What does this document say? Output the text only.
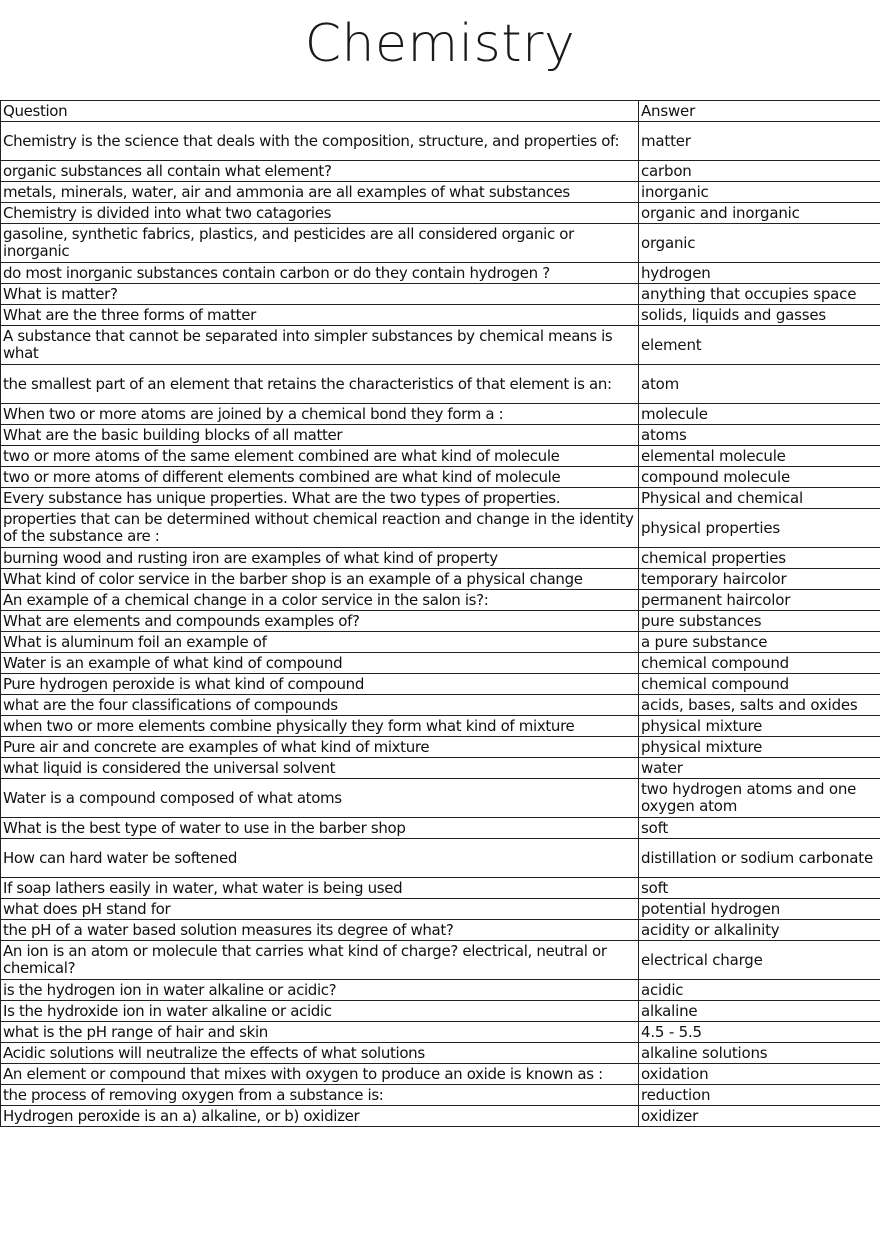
Chemistry
Question	Answer
Chemistry is the science that deals with the composition, structure, and properties of:	matter
organic substances all contain what element?	carbon
metals, minerals, water, air and ammonia are all examples of what substances	inorganic
Chemistry is divided into what two catagories	organic and inorganic
gasoline, synthetic fabrics, plastics, and pesticides are all considered organic or inorganic	organic
do most inorganic substances contain carbon or do they contain hydrogen ?	hydrogen
What is matter?	anything that occupies space
What are the three forms of matter	solids, liquids and gasses
A substance that cannot be separated into simpler substances by chemical means is what	element
the smallest part of an element that retains the characteristics of that element is an:	atom
When two or more atoms are joined by a chemical bond they form a :	molecule
What are the basic building blocks of all matter	atoms
two or more atoms of the same element combined are what kind of molecule	elemental molecule
two or more atoms of different elements combined are what kind of molecule	compound molecule
Every substance has unique properties. What are the two types of properties.	Physical and chemical
properties that can be determined without chemical reaction and change in the identity of the substance are :	physical properties
burning wood and rusting iron are examples of what kind of property	chemical properties
What kind of color service in the barber shop is an example of a physical change	temporary haircolor
An example of a chemical change in a color service in the salon is?:	permanent haircolor
What are elements and compounds examples of?	pure substances
What is aluminum foil an example of	a pure substance
Water is an example of what kind of compound	chemical compound
Pure hydrogen peroxide is what kind of compound	chemical compound
what are the four classifications of compounds	acids, bases, salts and oxides
when two or more elements combine physically they form what kind of mixture	physical mixture
Pure air and concrete are examples of what kind of mixture	physical mixture
what liquid is considered the universal solvent	water
Water is a compound composed of what atoms	two hydrogen atoms and one oxygen atom
What is the best type of water to use in the barber shop	soft
How can hard water be softened	distillation or sodium carbonate
If soap lathers easily in water, what water is being used	soft
what does pH stand for	potential hydrogen
the pH of a water based solution measures its degree of what?	acidity or alkalinity
An ion is an atom or molecule that carries what kind of charge? electrical, neutral or chemical?	electrical charge
is the hydrogen ion in water alkaline or acidic?	acidic
Is the hydroxide ion in water alkaline or acidic	alkaline
what is the pH range of hair and skin	4.5 - 5.5
Acidic solutions will neutralize the effects of what solutions	alkaline solutions
An element or compound that mixes with oxygen to produce an oxide is known as :	oxidation
the process of removing oxygen from a substance is:	reduction
Hydrogen peroxide is an a) alkaline, or b) oxidizer	oxidizer
